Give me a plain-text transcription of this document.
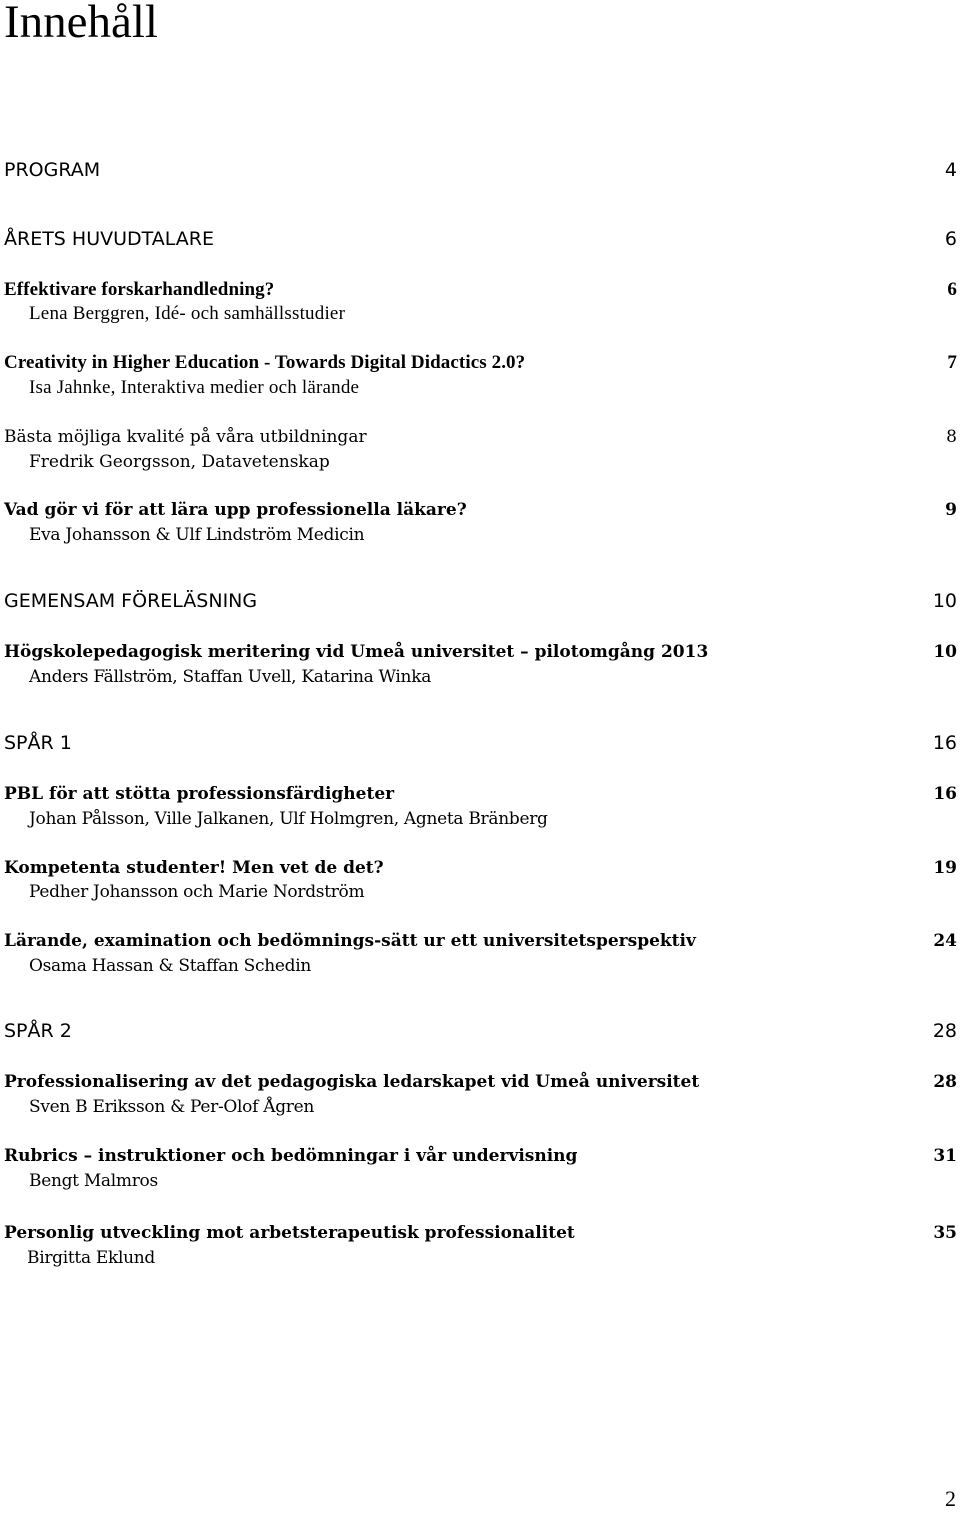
Innehåll
PROGRAM	4
ÅRETS HUVUDTALARE	6
Effektivare forskarhandledning?	6
Lena Berggren, Idé- och samhällsstudier
Creativity in Higher Education - Towards Digital Didactics 2.0?	7
Isa Jahnke, Interaktiva medier och lärande
Bästa möjliga kvalité på våra utbildningar	8
Fredrik Georgsson, Datavetenskap
Vad gör vi för att lära upp professionella läkare?	9
Eva Johansson & Ulf Lindström Medicin
GEMENSAM FÖRELÄSNING	10
Högskolepedagogisk meritering vid Umeå universitet – pilotomgång 2013	10
Anders Fällström, Staffan Uvell, Katarina Winka
SPÅR 1	16
PBL för att stötta professionsfärdigheter	16
Johan Pålsson, Ville Jalkanen, Ulf Holmgren, Agneta Bränberg
Kompetenta studenter! Men vet de det?	19
Pedher Johansson och Marie Nordström
Lärande, examination och bedömnings-sätt ur ett universitetsperspektiv	24
Osama Hassan & Staffan Schedin
SPÅR 2	28
Professionalisering av det pedagogiska ledarskapet vid Umeå universitet	28
Sven B Eriksson & Per-Olof Ågren
Rubrics – instruktioner och bedömningar i vår undervisning	31
Bengt Malmros
Personlig utveckling mot arbetsterapeutisk professionalitet	35
Birgitta Eklund
2
